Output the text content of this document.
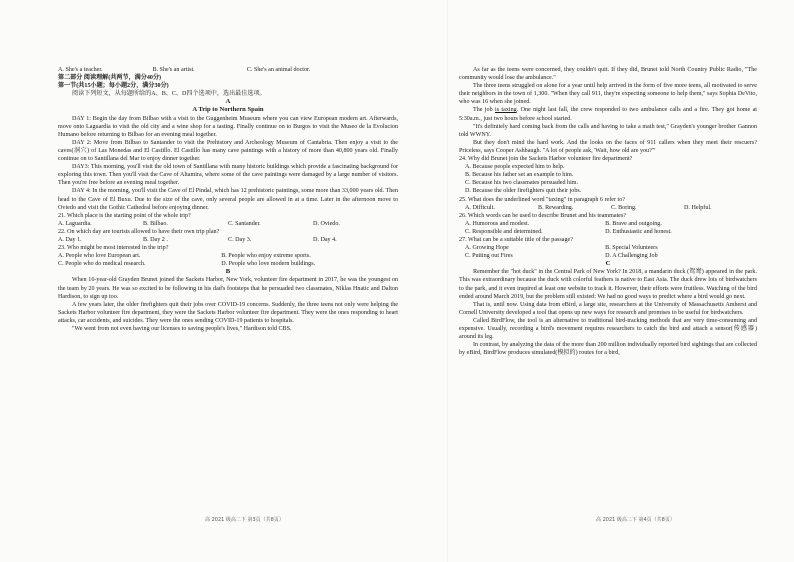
A. She's a teacher.	B. She's an artist.	C. She's an animal doctor.

第二部分 阅读理解(共两节，满分40分)

第一节(共15小题；每小题2分，满分30分)

阅读下列短文，从每题所给的A、B、C、D四个选项中，选出最佳选项。

A

A Trip to Northern Spain

DAY 1: Begin the day from Bilbao with a visit to the Guggenheim Museum where you can view European modern art. Afterwards, move onto Laguardia to visit the old city and a wine shop for a tasting. Finally continue on to Burgos to visit the Museo de la Evolucion Humano before returning to Bilbao for an evening meal together.

DAY 2: Move from Bilbao to Santander to visit the Prehistory and Archeology Museum of Cantabria. Then enjoy a visit to the caves(洞穴) of Las Monedas and El Castillo. El Castillo has many cave paintings with a history of more than 40,800 years old. Finally continue on to Santillana del Mar to enjoy dinner together.

DAY3: This morning, you'll visit the old town of Santillana with many historic buildings which provide a fascinating background for exploring this town. Then you'll visit the Cave of Altamira, where some of the cave paintings were damaged by a large number of visitors. Then you're free before an evening meal together.

DAY 4: In the morning, you'll visit the Cave of El Pindal, which has 12 prehistoric paintings, some more than 33,000 years old. Then head to the Cave of El Buxu. Due to the size of the cave, only several people are allowed in at a time. Later in the afternoon move to Oviedo and visit the Gothic Cathedral before enjoying dinner.

21. Which place is the starting point of the whole trip?

A. Laguardia.	B. Bilbao.	C. Santander.	D. Oviedo.

22. On which day are tourists allowed to have their own trip plan?

A. Day 1.	B. Day 2 .	C. Day 3.	D. Day 4.

23. Who might be most interested in the trip?

A. People who love European art.	B. People who enjoy extreme sports.
C. People who do medical research.	D. People who love modern buildings.

B

When 16-year-old Grayden Brunet joined the Sackets Harbor, New York, volunteer fire department in 2017, he was the youngest on the team by 20 years. He was so excited to be following in his dad's footsteps that he persuaded two classmates, Niklas Hnatic and Dalton Hardison, to sign up too.

A few years later, the older firefighters quit their jobs over COVID-19 concerns. Suddenly, the three teens not only were helping the Sackets Harbor volunteer fire department, they were the Sackets Harbor volunteer fire department. They were the ones responding to heart attacks, car accidents, and suicides. They were the ones sending COVID-19 patients to hospitals.

"We went from not even having our licenses to saving people's lives," Hardison told CBS.

As far as the teens were concerned, they couldn't quit. If they did, Brunet told North Country Public Radio, "The community would lose the ambulance."

The three teens struggled on alone for a year until help arrived in the form of five more teens, all motivated to serve their neighbors in the town of 1,300. "When they call 911, they're expecting someone to help them," says Sophia DeVito, who was 16 when she joined.

The job is taxing. One night last fall, the crew responded to two ambulance calls and a fire. They got home at 5:30a.m., just two hours before school started.

"It's definitely hard coming back from the calls and having to take a math test," Grayden's younger brother Gannon told WWNY.

But they don't mind the hard work. And the looks on the faces of 911 callers when they meet their rescuers? Priceless, says Cooper Ashbaugh. "A lot of people ask, 'Wait, how old are you?'"

24. Why did Brunet join the Sackets Harbor volunteer fire department?

A. Because people expected him to help.

B. Because his father set an example to him.

C. Because his two classmates persuaded him.

D. Because the older firefighters quit their jobs.

25. What does the underlined word "taxing" in paragraph 6 refer to?

A. Difficult.	B. Rewarding.	C. Boring.	D. Helpful.

26. Which words can be used to describe Brunet and his teammates?

A. Humorous and modest.	B. Brave and outgoing.
C. Responsible and determined.	D. Enthusiastic and honest.

27. What can be a suitable title of the passage?

A. Growing Hope	B. Special Volunteers
C. Putting out Fires	D. A Challenging Job

C

Remember the "hot duck" in the Central Park of New York? In 2018, a mandarin duck (鸳鸯) appeared in the park. This was extraordinary because the duck with colorful feathers is native to East Asia. The duck drew lots of birdwatchers to the park, and it even inspired at least one website to track it. However, their efforts were fruitless. Watching of the bird ended around March 2019, but the problem still existed: We had no good ways to predict where a bird would go next.

That is, until now. Using data from eBird, a large site, researchers at the University of Massachusetts Amherst and Cornell University developed a tool that opens up new ways for research and promises to be useful for birdwatchers.

Called BirdFlow, the tool is an alternative to traditional bird-tracking methods that are very time-consuming and expensive. Usually, recording a bird's movement requires researchers to catch the bird and attach a sensor(传感器) around its leg.

In contrast, by analyzing the data of the more than 200 million individually reported bird sightings that are collected by eBird, BirdFlow produces simulated(模拟的) routes for a bird,

高 2021 级高二下 第3页（共8页）	高 2021 级高二下 第4页（共8页）
